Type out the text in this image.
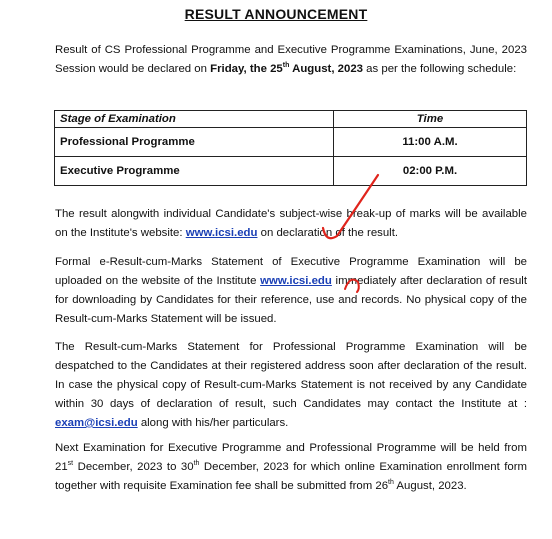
RESULT ANNOUNCEMENT
Result of CS Professional Programme and Executive Programme Examinations, June, 2023 Session would be declared on Friday, the 25th August, 2023 as per the following schedule:
Stage of Examination	Time
Professional Programme	11:00 A.M.
Executive Programme	02:00 P.M.
The result alongwith individual Candidate's subject-wise break-up of marks will be available on the Institute's website: www.icsi.edu on declaration of the result.
Formal e-Result-cum-Marks Statement of Executive Programme Examination will be uploaded on the website of the Institute www.icsi.edu immediately after declaration of result for downloading by Candidates for their reference, use and records. No physical copy of the Result-cum-Marks Statement will be issued.
The Result-cum-Marks Statement for Professional Programme Examination will be despatched to the Candidates at their registered address soon after declaration of the result. In case the physical copy of Result-cum-Marks Statement is not received by any Candidate within 30 days of declaration of result, such Candidates may contact the Institute at : exam@icsi.edu along with his/her particulars.
Next Examination for Executive Programme and Professional Programme will be held from 21st December, 2023 to 30th December, 2023 for which online Examination enrollment form together with requisite Examination fee shall be submitted from 26th August, 2023.
